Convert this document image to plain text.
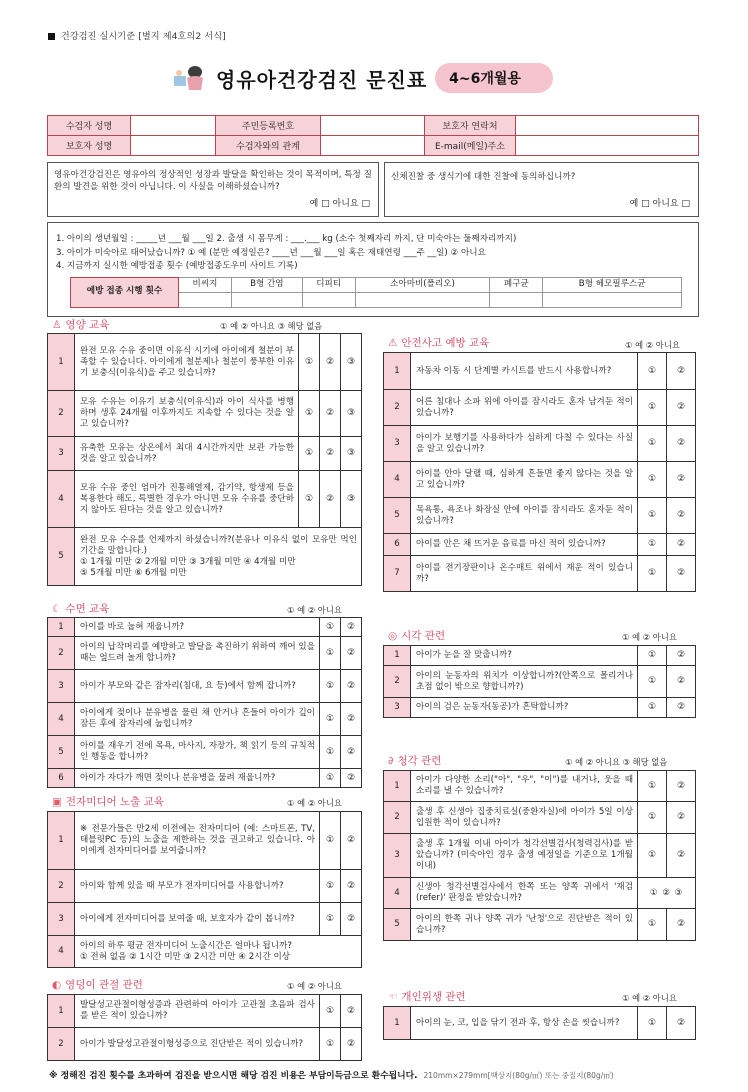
건강검진 실시기준 [별지 제4호의2 서식]
영유아건강검진 문진표	4~6개월용
수검자 성명		주민등록번호		보호자 연락처	
보호자 성명		수검자와의 관계		E-mail(메일)주소	
영유아건강검진은 영유아의 정상적인 성장과 발달을 확인하는 것이 목적이며, 특정 질환의 발견을 위한 것이 아닙니다. 이 사실을 이해하셨습니까?
예 □ 아니요 □
신체진찰 중 생식기에 대한 진찰에 동의하십니까?
예 □ 아니요 □
1. 아이의 생년월일 : _____년 ___월 ___일 2. 출생 시 몸무게 : ___.___ kg (소수 첫째자리 까지, 단 미숙아는 둘째자리까지)
3. 아이가 미숙아로 태어났습니까? ① 예 (분만 예정일은? ____년 ___월 ___일 혹은 재태연령 ___주 __일) ② 아니요
4. 지금까지 실시한 예방접종 횟수 (예방접종도우미 사이트 기록)
예방 접종 시행 횟수	비씨지	B형 간염	디피티	소아마비(폴리오)	폐구균	B형 헤모필루스균

♙ 영양 교육	① 예 ② 아니요 ③ 해당 없음
1	완전 모유 수유 중이면 이유식 시기에 아이에게 철분이 부족할 수 있습니다. 아이에게 철분제나 철분이 풍부한 이유기 보충식(이유식)을 주고 있습니까?	①	②	③
2	모유 수유는 이유기 보충식(이유식)과 아이 식사를 병행하며 생후 24개월 이후까지도 지속할 수 있다는 것을 알고 있습니까?	①	②	③
3	유축한 모유는 상온에서 최대 4시간까지만 보관 가능한 것을 알고 있습니까?	①	②	③
4	모유 수유 중인 엄마가 진통해열제, 감기약, 항생제 등을 복용한다 해도, 특별한 경우가 아니면 모유 수유를 중단하지 않아도 된다는 것을 알고 있습니까?	①	②	③
5	완전 모유 수유를 언제까지 하셨습니까?(분유나 이유식 없이 모유만 먹인 기간을 말합니다.)
① 1개월 미만 ② 2개월 미만 ③ 3개월 미만 ④ 4개월 미만
⑤ 5개월 미만 ⑥ 6개월 미만			
☾ 수면 교육	① 예 ② 아니요
1	아이를 바로 눕혀 재웁니까?	①	②
2	아이의 납작머리를 예방하고 발달을 촉진하기 위하여 깨어 있을 때는 엎드려 놀게 합니까?	①	②
3	아이가 부모와 같은 잠자리(침대, 요 등)에서 함께 잡니까?	①	②
4	아이에게 젖이나 분유병을 물린 채 안거나 흔들어 아이가 깊이 잠든 후에 잠자리에 눕힙니까?	①	②
5	아이를 재우기 전에 목욕, 마사지, 자장가, 책 읽기 등의 규칙적인 행동을 합니까?	①	②
6	아이가 자다가 깨면 젖이나 분유병을 물려 재웁니까?	①	②
▣ 전자미디어 노출 교육	① 예 ② 아니요
1	※ 전문가들은 만2세 이전에는 전자미디어 (예: 스마트폰, TV, 태블릿PC 등)의 노출을 제한하는 것을 권고하고 있습니다. 아이에게 전자미디어를 보여줍니까?	①	②
2	아이와 함께 있을 때 부모가 전자미디어를 사용합니까?	①	②
3	아이에게 전자미디어를 보여줄 때, 보호자가 같이 봅니까?	①	②
4	아이의 하루 평균 전자미디어 노출시간은 얼마나 됩니까?
① 전혀 없음 ② 1시간 미만 ③ 2시간 미만 ④ 2시간 이상		
◐ 영덩이 관절 관련	① 예 ② 아니요
1	발달성고관절이형성증과 관련하여 아이가 고관절 초음파 검사를 받은 적이 있습니까?	①	②
2	아이가 발달성고관절이형성증으로 진단받은 적이 있습니까?	①	②
⚠ 안전사고 예방 교육	① 예 ② 아니요
1	자동차 이동 시 단계별 카시트를 반드시 사용합니까?	①	②
2	어른 침대나 소파 위에 아이를 잠시라도 혼자 남겨둔 적이 있습니까?	①	②
3	아이가 보행기를 사용하다가 심하게 다칠 수 있다는 사실을 알고 있습니까?	①	②
4	아이를 안아 달랠 때, 심하게 흔들면 좋지 않다는 것을 알고 있습니까?	①	②
5	목욕통, 욕조나 화장실 안에 아이를 잠시라도 혼자둔 적이 있습니까?	①	②
6	아이를 안은 채 뜨거운 음료를 마신 적이 있습니까?	①	②
7	아이를 전기장판이나 온수매트 위에서 재운 적이 있습니까?	①	②
◎ 시각 관련	① 예 ② 아니요
1	아이가 눈을 잘 맞춥니까?	①	②
2	아이의 눈동자의 위치가 이상합니까?(안쪽으로 몰리거나 초점 없이 밖으로 향합니까?)	①	②
3	아이의 검은 눈동자(동공)가 흔탁합니까?	①	②
∂ 청각 관련	① 예 ② 아니요 ③ 해당 없음
1	아이가 다양한 소리("아", "우", "이")를 내거나, 웃을 때 소리를 낼 수 있습니까?	①	②
2	출생 후 신생아 집중치료실(중환자실)에 아이가 5일 이상 입원한 적이 있습니까?	①	②
3	출생 후 1개월 이내 아이가 청각선별검사(청력검사)를 받았습니까? (미숙아인 경우 출생 예정일을 기준으로 1개월 이내)	①	②
4	신생아 청각선별검사에서 한쪽 또는 양쪽 귀에서 '재검(refer)' 판정을 받았습니까?	① ② ③	
5	아이의 한쪽 귀나 양쪽 귀가 '난청'으로 진단받은 적이 있습니까?	①	②
☜ 개인위생 관련	① 예 ② 아니요
1	아이의 눈, 코, 입을 닦기 전과 후, 항상 손을 씻습니까?	①	②
※ 정해진 검진 횟수를 초과하여 검진을 받으시면 해당 검진 비용은 부담이득금으로 환수됩니다. 210mm×279mm[백상지(80g/㎡) 또는 중질지(80g/㎡)
